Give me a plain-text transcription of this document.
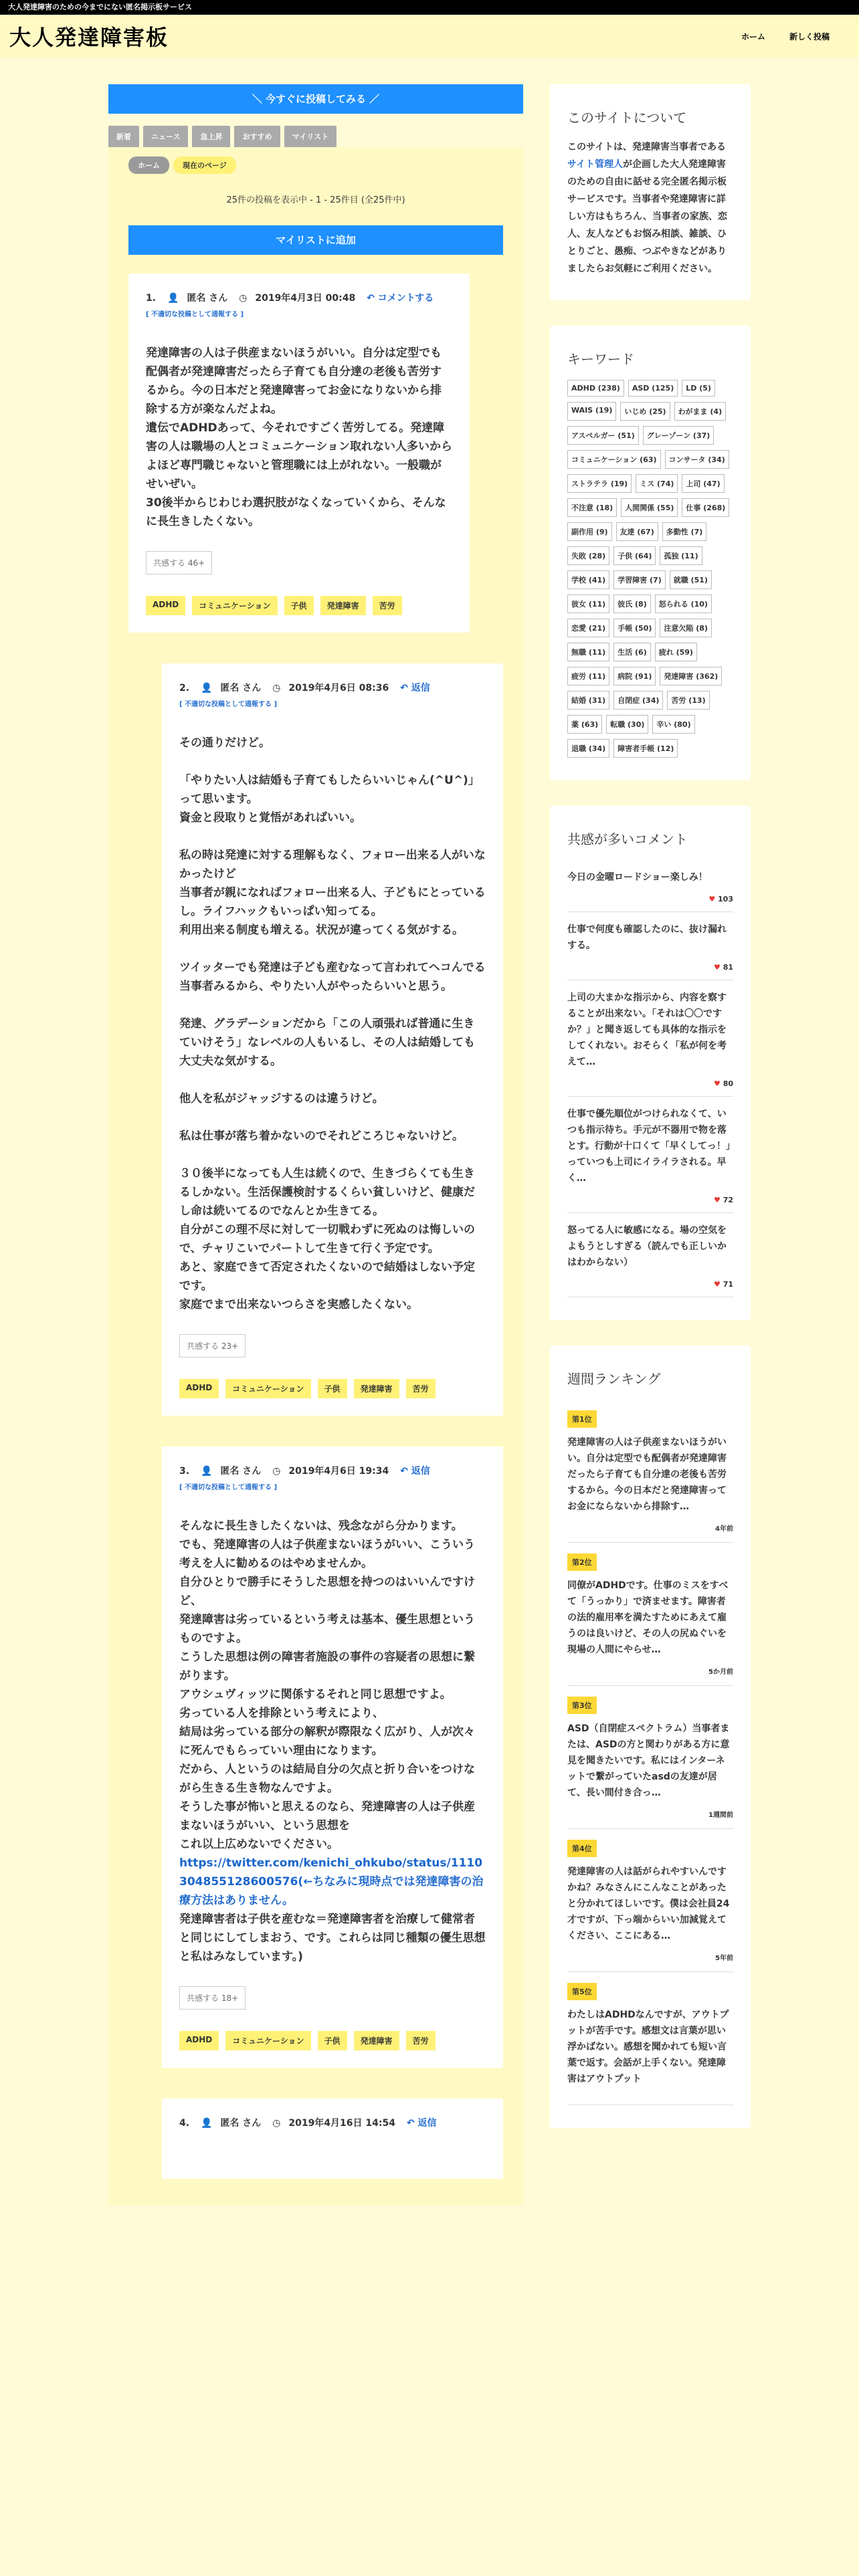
大人発達障害のための今までにない匿名掲示板サービス
大人発達障害板	ホーム	新しく投稿
＼ 今すぐに投稿してみる ／
新着	ニュース	急上昇	おすすめ	マイリスト
ホーム	現在のページ
25件の投稿を表示中 - 1 - 25件目 (全25件中)
マイリストに追加
1. 👤 匿名 さん ◷ 2019年4月3日 00:48 ↶ コメントする
[ 不適切な投稿として通報する ]
発達障害の人は子供産まないほうがいい。自分は定型でも配偶者が発達障害だったら子育ても自分達の老後も苦労するから。今の日本だと発達障害ってお金になりないから排除する方が楽なんだよね。
遺伝でADHDあって、今それですごく苦労してる。発達障害の人は職場の人とコミュニケーション取れない人多いからよほど専門職じゃないと管理職には上がれない。一般職がせいぜい。
30後半からじわじわ選択肢がなくなっていくから、そんなに長生きしたくない。
共感する 46+
ADHD	コミュニケーション	子供	発達障害	苦労
2. 👤 匿名 さん ◷ 2019年4月6日 08:36 ↶ 返信
[ 不適切な投稿として通報する ]
その通りだけど。

「やりたい人は結婚も子育てもしたらいいじゃん(^U^)」って思います。
資金と段取りと覚悟があればいい。

私の時は発達に対する理解もなく、フォロー出来る人がいなかったけど
当事者が親になればフォロー出来る人、子どもにとっているし。ライフハックもいっぱい知ってる。
利用出来る制度も増える。状況が違ってくる気がする。

ツイッターでも発達は子ども産むなって言われてヘコんでる当事者みるから、やりたい人がやったらいいと思う。

発達、グラデーションだから「この人頑張れば普通に生きていけそう」なレベルの人もいるし、その人は結婚しても大丈夫な気がする。

他人を私がジャッジするのは違うけど。

私は仕事が落ち着かないのでそれどころじゃないけど。

３０後半になっても人生は続くので、生きづらくても生きるしかない。生活保護検討するくらい貧しいけど、健康だし命は続いてるのでなんとか生きてる。
自分がこの理不尽に対して一切戦わずに死ぬのは悔しいので、チャリこいでパートして生きて行く予定です。
あと、家庭できて否定されたくないので結婚はしない予定です。
家庭でまで出来ないつらさを実感したくない。
共感する 23+
ADHD	コミュニケーション	子供	発達障害	苦労
3. 👤 匿名 さん ◷ 2019年4月6日 19:34 ↶ 返信
[ 不適切な投稿として通報する ]
そんなに長生きしたくないは、残念ながら分かります。
でも、発達障害の人は子供産まないほうがいい、こういう考えを人に勧めるのはやめませんか。
自分ひとりで勝手にそうした思想を持つのはいいんですけど、
発達障害は劣っているという考えは基本、優生思想というものですよ。
こうした思想は例の障害者施設の事件の容疑者の思想に繋がります。
アウシュヴィッツに関係するそれと同じ思想ですよ。
劣っている人を排除という考えにより、
結局は劣っている部分の解釈が際限なく広がり、人が次々に死んでもらっていい理由になります。
だから、人というのは結局自分の欠点と折り合いをつけながら生きる生き物なんですよ。
そうした事が怖いと思えるのなら、発達障害の人は子供産まないほうがいい、という思想を
これ以上広めないでください。
https://twitter.com/kenichi_ohkubo/status/1110304855128600576(←ちなみに現時点では発達障害の治療方法はありません。
発達障害者は子供を産むな＝発達障害者を治療して健常者と同じにしてしまおう、です。これらは同じ種類の優生思想と私はみなしています。)
共感する 18+
ADHD	コミュニケーション	子供	発達障害	苦労
4. 👤 匿名 さん ◷ 2019年4月16日 14:54 ↶ 返信
このサイトについて

このサイトは、発達障害当事者であるサイト管理人が企画した大人発達障害のための自由に話せる完全匿名掲示板サービスです。当事者や発達障害に詳しい方はもちろん、当事者の家族、恋人、友人などもお悩み相談、雑談、ひとりごと、愚痴、つぶやきなどがありましたらお気軽にご利用ください。

キーワード
ADHD (238)	ASD (125)	LD (5)
WAIS (19)	いじめ (25)	わがまま (4)
アスペルガー (51)	グレーゾーン (37)
コミュニケーション (63)	コンサータ (34)
ストラテラ (19)	ミス (74)	上司 (47)
不注意 (18)	人間関係 (55)	仕事 (268)
副作用 (9)	友達 (67)	多動性 (7)
失敗 (28)	子供 (64)	孤独 (11)
学校 (41)	学習障害 (7)	就職 (51)
彼女 (11)	彼氏 (8)	怒られる (10)
恋愛 (21)	手帳 (50)	注意欠陥 (8)
無職 (11)	生活 (6)	疲れ (59)
疲労 (11)	病院 (91)	発達障害 (362)
結婚 (31)	自閉症 (34)	苦労 (13)
薬 (63)	転職 (30)	辛い (80)
退職 (34)	障害者手帳 (12)
共感が多いコメント
今日の金曜ロードショー楽しみ！
♥ 103
仕事で何度も確認したのに、抜け漏れする。
♥ 81
上司の大まかな指示から、内容を察することが出来ない。「それは〇〇ですか？」と聞き返しても具体的な指示をしてくれない。おそらく「私が何を考えて…
♥ 80
仕事で優先順位がつけられなくて、いつも指示待ち。手元が不器用で物を落とす。行動が十口くて「早くしてっ！」っていつも上司にイライラされる。早く…
♥ 72
怒ってる人に敏感になる。場の空気をよもうとしすぎる（読んでも正しいかはわからない）
♥ 71
週間ランキング
第1位
発達障害の人は子供産まないほうがいい。自分は定型でも配偶者が発達障害だったら子育ても自分達の老後も苦労するから。今の日本だと発達障害ってお金にならないから排除す…
4年前
第2位
同僚がADHDです。仕事のミスをすべて「うっかり」で済ませます。障害者の法的雇用率を満たすためにあえて雇うのは良いけど、その人の尻ぬぐいを現場の人間にやらせ…
5か月前
第3位
ASD（自閉症スペクトラム）当事者または、ASDの方と関わりがある方に意見を聞きたいです。私にはインターネットで繋がっていたasdの友達が居て、長い間付き合っ…
1週間前
第4位
発達障害の人は話がられやすいんですかね？みなさんにこんなことがあったと分かれてほしいです。僕は会社員24才ですが、下っ端からいい加減覚えてください、ここにある…
5年前
第5位
わたしはADHDなんですが、アウトプットが苦手です。感想文は言葉が思い浮かばない。感想を聞かれても短い言葉で返す。会話が上手くない。発達障害はアウトプット
